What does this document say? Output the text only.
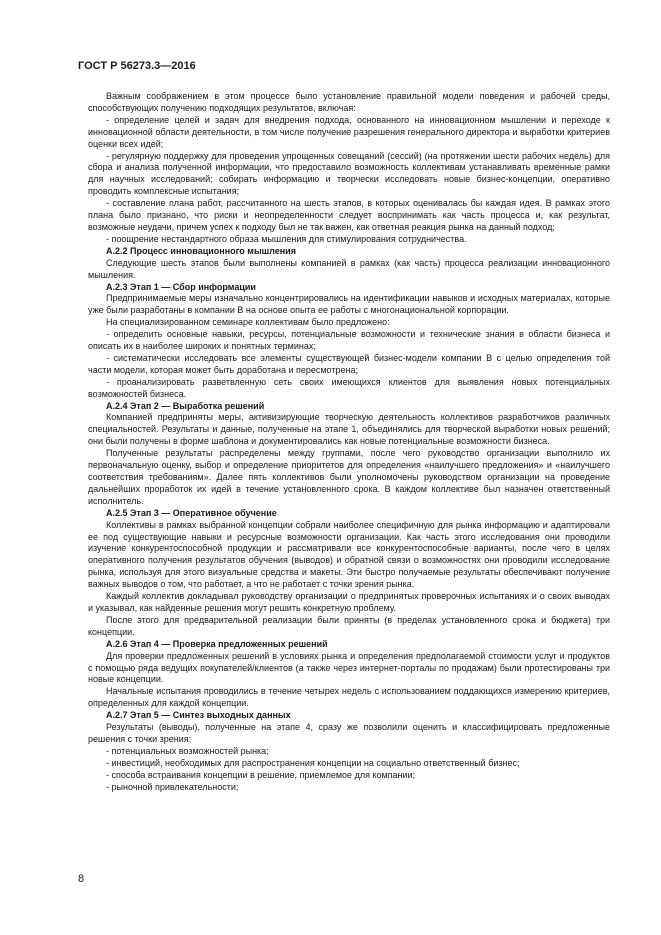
ГОСТ Р 56273.3—2016

Важным соображением в этом процессе было установление правильной модели поведения и рабочей среды, способствующих получению подходящих результатов, включая:

- определение целей и задач для внедрения подхода, основанного на инновационном мышлении и переходе к инновационной области деятельности, в том числе получение разрешения генерального директора и выработки критериев оценки всех идей;

- регулярную поддержку для проведения упрощенных совещаний (сессий) (на протяжении шести рабочих недель) для сбора и анализа полученной информации, что предоставило возможность коллективам устанавливать временные рамки для научных исследований; собирать информацию и творчески исследовать новые бизнес-концепции, оперативно проводить комплексные испытания;

- составление плана работ, рассчитанного на шесть этапов, в которых оценивалась бы каждая идея. В рамках этого плана было признано, что риски и неопределенности следует воспринимать как часть процесса и, как результат, возможные неудачи, причем успех к подходу был не так важен, как ответная реакция рынка на данный подход;

- поощрение нестандартного образа мышления для стимулирования сотрудничества.

А.2.2 Процесс инновационного мышления

Следующие шесть этапов были выполнены компанией в рамках (как часть) процесса реализации инновационного мышления.

А.2.3 Этап 1 — Сбор информации

Предпринимаемые меры изначально концентрировались на идентификации навыков и исходных материалах, которые уже были разработаны в компании В на основе опыта ее работы с многонациональной корпорации.

На специализированном семинаре коллективам было предложено:

- определить основные навыки, ресурсы, потенциальные возможности и технические знания в области бизнеса и описать их в наиболее широких и понятных терминах;

- систематически исследовать все элементы существующей бизнес-модели компании В с целью определения той части модели, которая может быть доработана и пересмотрена;

- проанализировать разветвленную сеть своих имеющихся клиентов для выявления новых потенциальных возможностей бизнеса.

А.2.4 Этап 2 — Выработка решений

Компанией предприняты меры, активизирующие творческую деятельность коллективов разработчиков различных специальностей. Результаты и данные, полученные на этапе 1, объединялись для творческой выработки новых решений; они были получены в форме шаблона и документировались как новые потенциальные возможности бизнеса.

Полученные результаты распределены между группами, после чего руководство организации выполнило их первоначальную оценку, выбор и определение приоритетов для определения «наилучшего предложения» и «наилучшего соответствия требованиям». Далее пять коллективов были уполномочены руководством организации на проведение дальнейших проработок их идей в течение установленного срока. В каждом коллективе был назначен ответственный исполнитель.

А.2.5 Этап 3 — Оперативное обучение

Коллективы в рамках выбранной концепции собрали наиболее специфичную для рынка информацию и адаптировали ее под существующие навыки и ресурсные возможности организации. Как часть этого исследования они проводили изучение конкурентоспособной продукции и рассматривали все конкурентоспособные варианты, после чего в целях оперативного получения результатов обучения (выводов) и обратной связи о возможностях они проводили исследование рынка, используя для этого визуальные средства и макеты. Эти быстро получаемые результаты обеспечивают получение важных выводов о том, что работает, а что не работает с точки зрения рынка.

Каждый коллектив докладывал руководству организации о предпринятых проверочных испытаниях и о своих выводах и указывал, как найденные решения могут решить конкретную проблему.

После этого для предварительной реализации были приняты (в пределах установленного срока и бюджета) три концепции.

А.2.6 Этап 4 — Проверка предложенных решений

Для проверки предложенных решений в условиях рынка и определения предполагаемой стоимости услуг и продуктов с помощью ряда ведущих покупателей/клиентов (а также через интернет-порталы по продажам) были протестированы три новые концепции.

Начальные испытания проводились в течение четырех недель с использованием поддающихся измерению критериев, определенных для каждой концепции.

А.2.7 Этап 5 — Синтез выходных данных

Результаты (выводы), полученные на этапе 4, сразу же позволили оценить и классифицировать предложенные решения с точки зрения:

- потенциальных возможностей рынка;

- инвестиций, необходимых для распространения концепции на социально ответственный бизнес;

- способа встраивания концепции в решение, приемлемое для компании;

- рыночной привлекательности;

8
